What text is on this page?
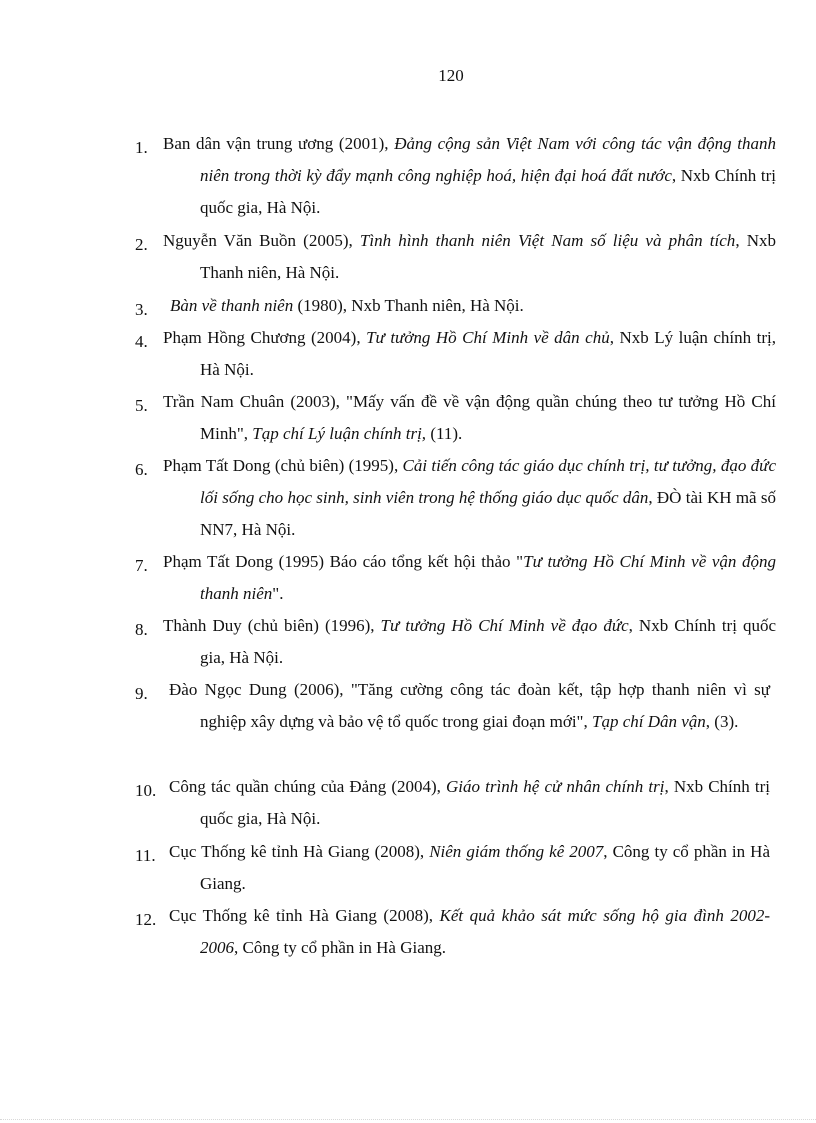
120
1. Ban dân vận trung ương (2001), Đảng cộng sản Việt Nam với công tác vận động thanh niên trong thời kỳ đẩy mạnh công nghiệp hoá, hiện đại hoá đất nước, Nxb Chính trị quốc gia, Hà Nội.
2. Nguyễn Văn Buồn (2005), Tình hình thanh niên Việt Nam số liệu và phân tích, Nxb Thanh niên, Hà Nội.
3.	Bàn về thanh niên (1980), Nxb Thanh niên, Hà Nội.
4. Phạm Hồng Chương (2004), Tư tưởng Hồ Chí Minh về dân chủ, Nxb Lý luận chính trị, Hà Nội.
5. Trần Nam Chuân (2003), "Mấy vấn đề về vận động quần chúng theo tư tưởng Hồ Chí Minh", Tạp chí Lý luận chính trị, (11).
6. Phạm Tất Dong (chủ biên) (1995), Cải tiến công tác giáo dục chính trị, tư tưởng, đạo đức lối sống cho học sinh, sinh viên trong hệ thống giáo dục quốc dân, ĐÒ tài KH mã số NN7, Hà Nội.
7. Phạm Tất Dong (1995) Báo cáo tổng kết hội thảo "Tư tưởng Hồ Chí Minh về vận động thanh niên".
8. Thành Duy (chủ biên) (1996), Tư tưởng Hồ Chí Minh về đạo đức, Nxb Chính trị quốc gia, Hà Nội.
9. Đào Ngọc Dung (2006), "Tăng cường công tác đoàn kết, tập hợp thanh niên vì sự nghiệp xây dựng và bảo vệ tổ quốc trong giai đoạn mới", Tạp chí Dân vận, (3).
10. Công tác quần chúng của Đảng (2004), Giáo trình hệ cử nhân chính trị, Nxb Chính trị quốc gia, Hà Nội.
11. Cục Thống kê tỉnh Hà Giang (2008), Niên giám thống kê 2007, Công ty cổ phần in Hà Giang.
12. Cục Thống kê tỉnh Hà Giang (2008), Kết quả khảo sát mức sống hộ gia đình 2002- 2006, Công ty cổ phần in Hà Giang.
